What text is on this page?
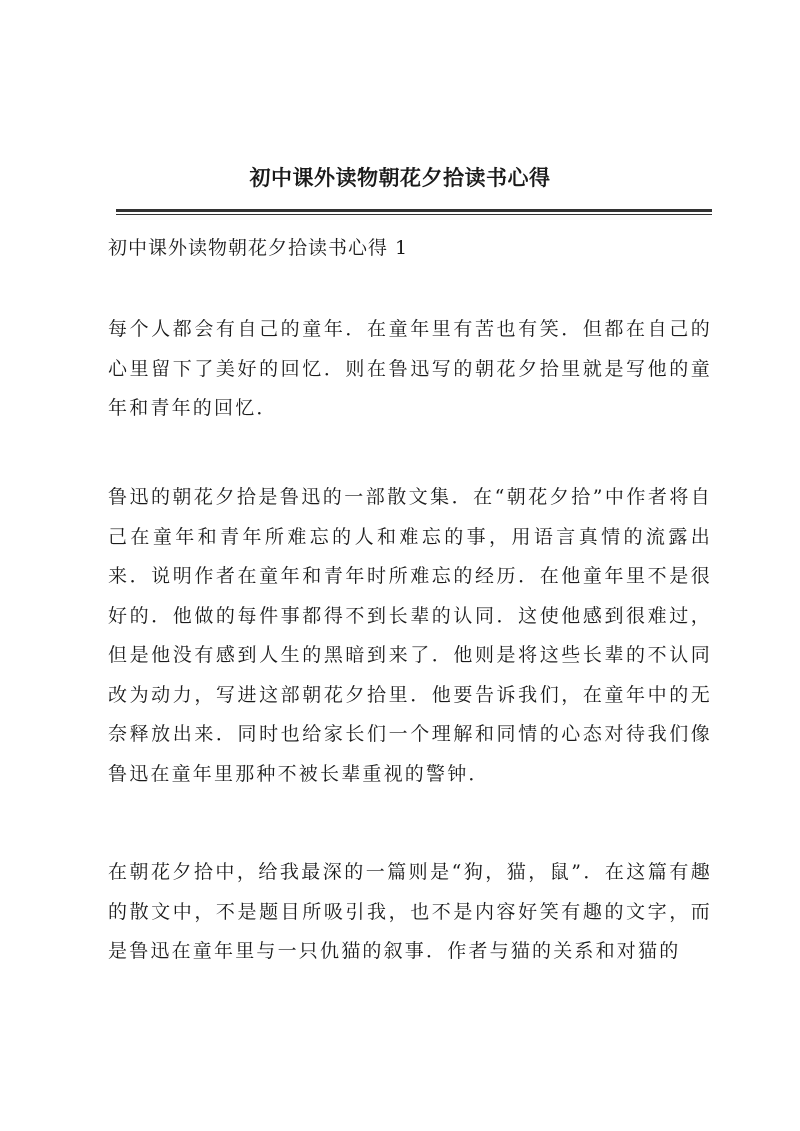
初中课外读物朝花夕拾读书心得
初中课外读物朝花夕拾读书心得 1

每个人都会有自己的童年．在童年里有苦也有笑．但都在自己的心里留下了美好的回忆．则在鲁迅写的朝花夕拾里就是写他的童年和青年的回忆．

鲁迅的朝花夕拾是鲁迅的一部散文集．在“朝花夕拾”中作者将自己在童年和青年所难忘的人和难忘的事，用语言真情的流露出来．说明作者在童年和青年时所难忘的经历．在他童年里不是很好的．他做的每件事都得不到长辈的认同．这使他感到很难过，但是他没有感到人生的黑暗到来了．他则是将这些长辈的不认同改为动力，写进这部朝花夕拾里．他要告诉我们，在童年中的无奈释放出来．同时也给家长们一个理解和同情的心态对待我们像鲁迅在童年里那种不被长辈重视的警钟．

在朝花夕拾中，给我最深的一篇则是“狗，猫，鼠”．在这篇有趣的散文中，不是题目所吸引我，也不是内容好笑有趣的文字，而是鲁迅在童年里与一只仇猫的叙事．作者与猫的关系和对猫的
